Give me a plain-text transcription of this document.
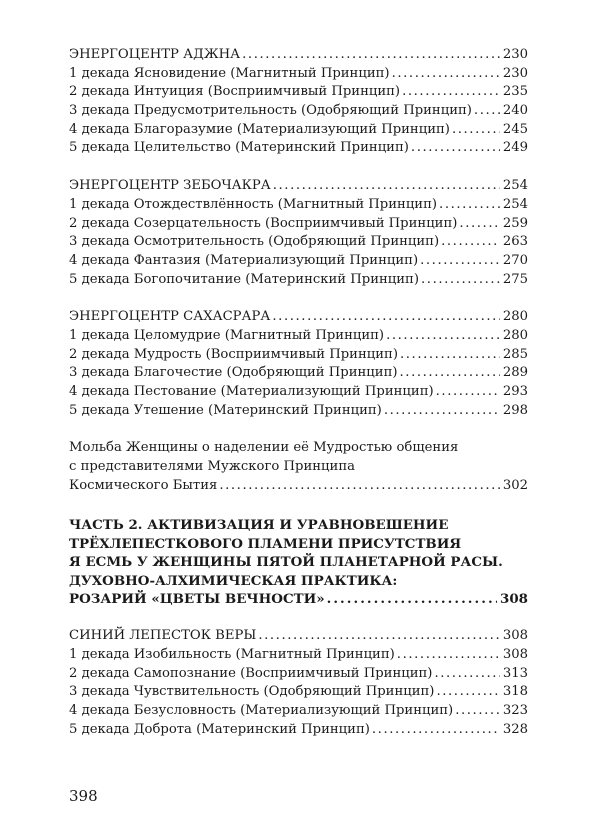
ЭНЕРГОЦЕНТР АДЖНА . . .	230
1 декада Ясновидение (Магнитный Принцип) . . .	230
2 декада Интуиция (Восприимчивый Принцип) . . .	235
3 декада Предусмотрительность (Одобряющий Принцип) . . . 240
4 декада Благоразумие (Материализующий Принцип) . . .	245
5 декада Целительство (Материнский Принцип) . . .	249
ЭНЕРГОЦЕНТР ЗЕБОЧАКРА . . .	254
1 декада Отождествлённость (Магнитный Принцип) . . .	254
2 декада Созерцательность (Восприимчивый Принцип) . . .	259
3 декада Осмотрительность (Одобряющий Принцип) . . .	263
4 декада Фантазия (Материализующий Принцип) . . .	270
5 декада Богопочитание (Материнский Принцип) . . .	275
ЭНЕРГОЦЕНТР САХАСРАРА . . .	280
1 декада Целомудрие (Магнитный Принцип) . . .	280
2 декада Мудрость (Восприимчивый Принцип) . . .	285
3 декада Благочестие (Одобряющий Принцип) . . .	289
4 декада Пестование (Материализующий Принцип) . . .	293
5 декада Утешение (Материнский Принцип) . . .	298
Мольба Женщины о наделении её Мудростью общения
с представителями Мужского Принципа
Космического Бытия . . .	302
ЧАСТЬ 2. АКТИВИЗАЦИЯ И УРАВНОВЕШЕНИЕ
ТРЁХЛЕПЕСТКОВОГО ПЛАМЕНИ ПРИСУТСТВИЯ
Я ЕСМЬ У ЖЕНЩИНЫ ПЯТОЙ ПЛАНЕТАРНОЙ РАСЫ.
ДУХОВНО-АЛХИМИЧЕСКАЯ ПРАКТИКА:
РОЗАРИЙ «ЦВЕТЫ ВЕЧНОСТИ» . . .	308
СИНИЙ ЛЕПЕСТОК ВЕРЫ . . .	308
1 декада Изобильность (Магнитный Принцип) . . .	308
2 декада Самопознание (Восприимчивый Принцип) . . .	313
3 декада Чувствительность (Одобряющий Принцип) . . .	318
4 декада Безусловность (Материализующий Принцип) . . .	323
5 декада Доброта (Материнский Принцип) . . .	328
398
